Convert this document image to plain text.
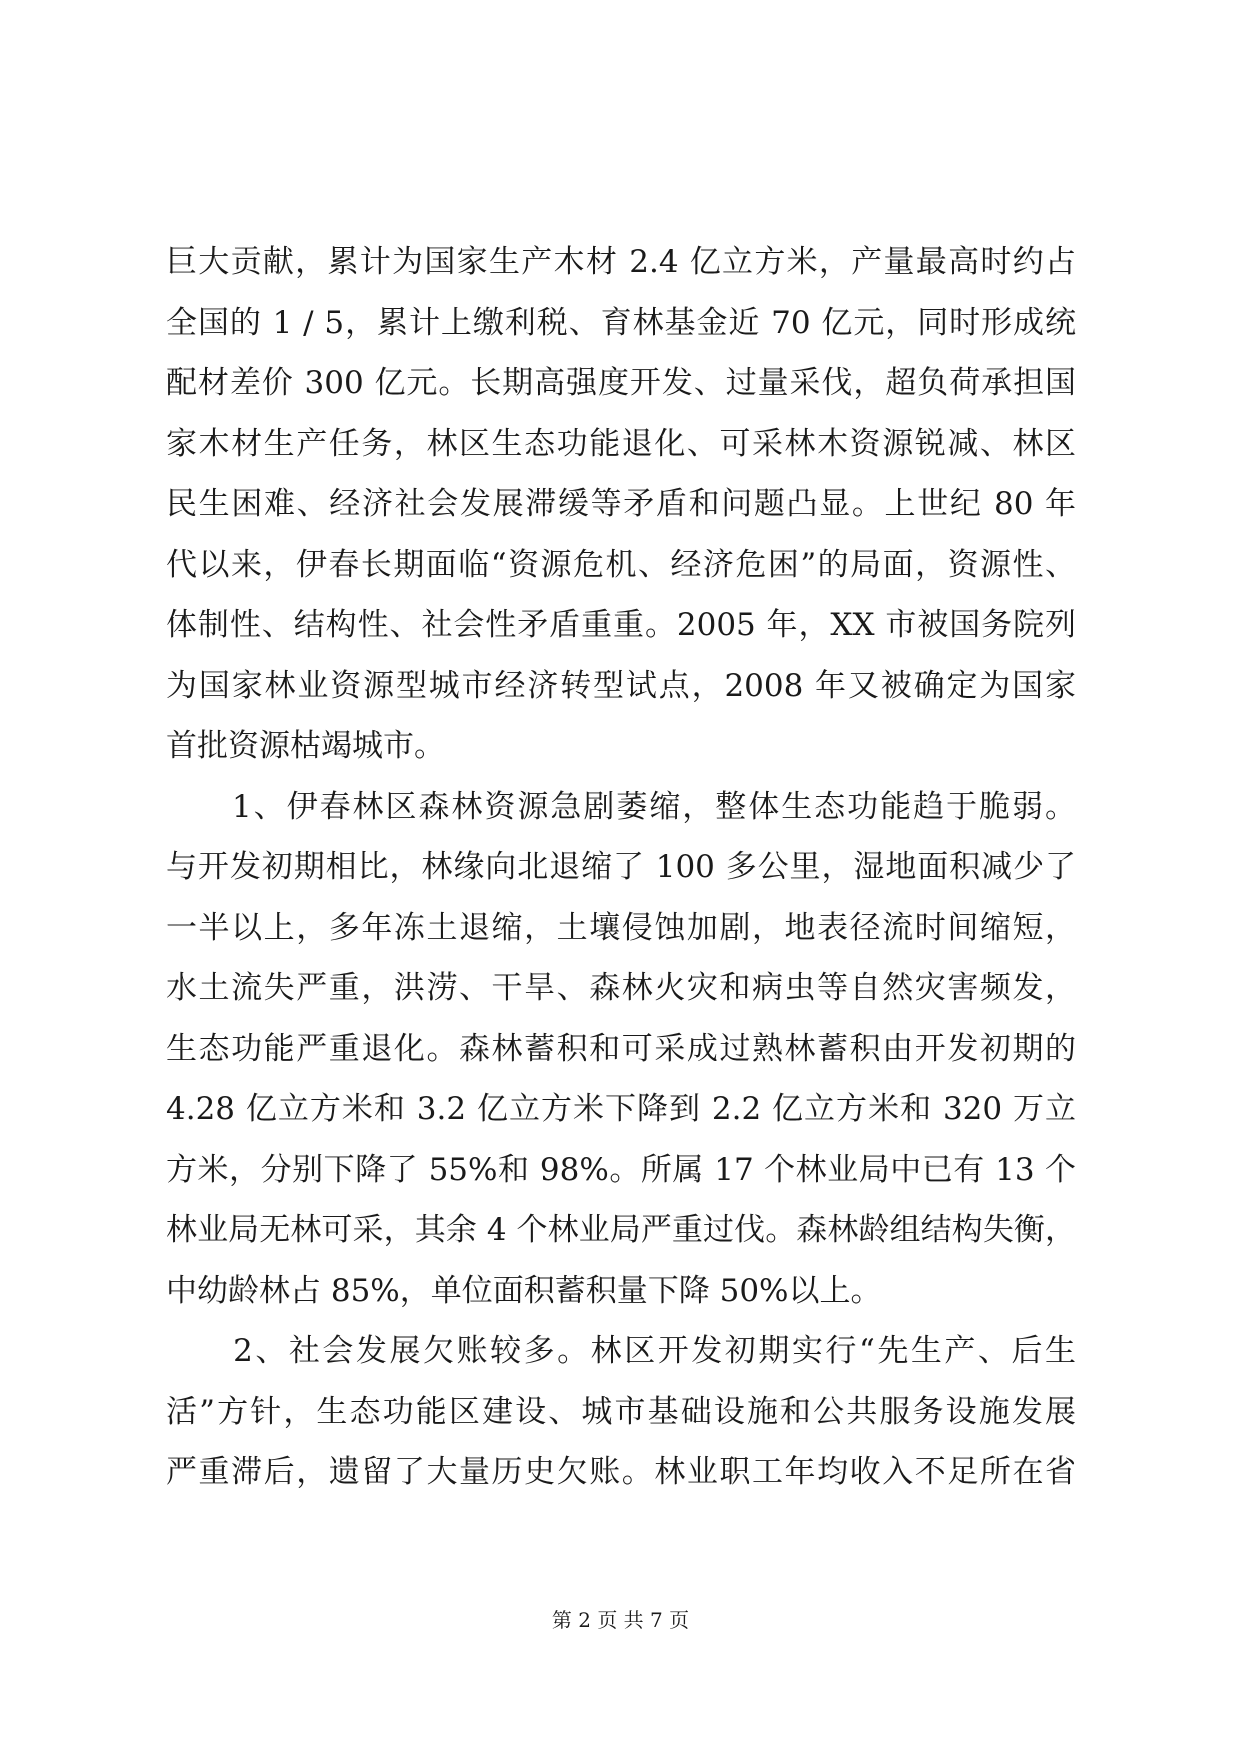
巨大贡献，累计为国家生产木材 2.4 亿立方米，产量最高时约占
全国的 1 / 5，累计上缴利税、育林基金近 70 亿元，同时形成统
配材差价 300 亿元。长期高强度开发、过量采伐，超负荷承担国
家木材生产任务，林区生态功能退化、可采林木资源锐减、林区
民生困难、经济社会发展滞缓等矛盾和问题凸显。上世纪 80 年
代以来，伊春长期面临“资源危机、经济危困”的局面，资源性、
体制性、结构性、社会性矛盾重重。2005 年，XX 市被国务院列
为国家林业资源型城市经济转型试点，2008 年又被确定为国家
首批资源枯竭城市。
　　1、伊春林区森林资源急剧萎缩，整体生态功能趋于脆弱。
与开发初期相比，林缘向北退缩了 100 多公里，湿地面积减少了
一半以上，多年冻土退缩，土壤侵蚀加剧，地表径流时间缩短，
水土流失严重，洪涝、干旱、森林火灾和病虫等自然灾害频发，
生态功能严重退化。森林蓄积和可采成过熟林蓄积由开发初期的
4.28 亿立方米和 3.2 亿立方米下降到 2.2 亿立方米和 320 万立
方米，分别下降了 55%和 98%。所属 17 个林业局中已有 13 个
林业局无林可采，其余 4 个林业局严重过伐。森林龄组结构失衡，
中幼龄林占 85%，单位面积蓄积量下降 50%以上。
　　2、社会发展欠账较多。林区开发初期实行“先生产、后生
活”方针，生态功能区建设、城市基础设施和公共服务设施发展
严重滞后，遗留了大量历史欠账。林业职工年均收入不足所在省
第 2 页 共 7 页
